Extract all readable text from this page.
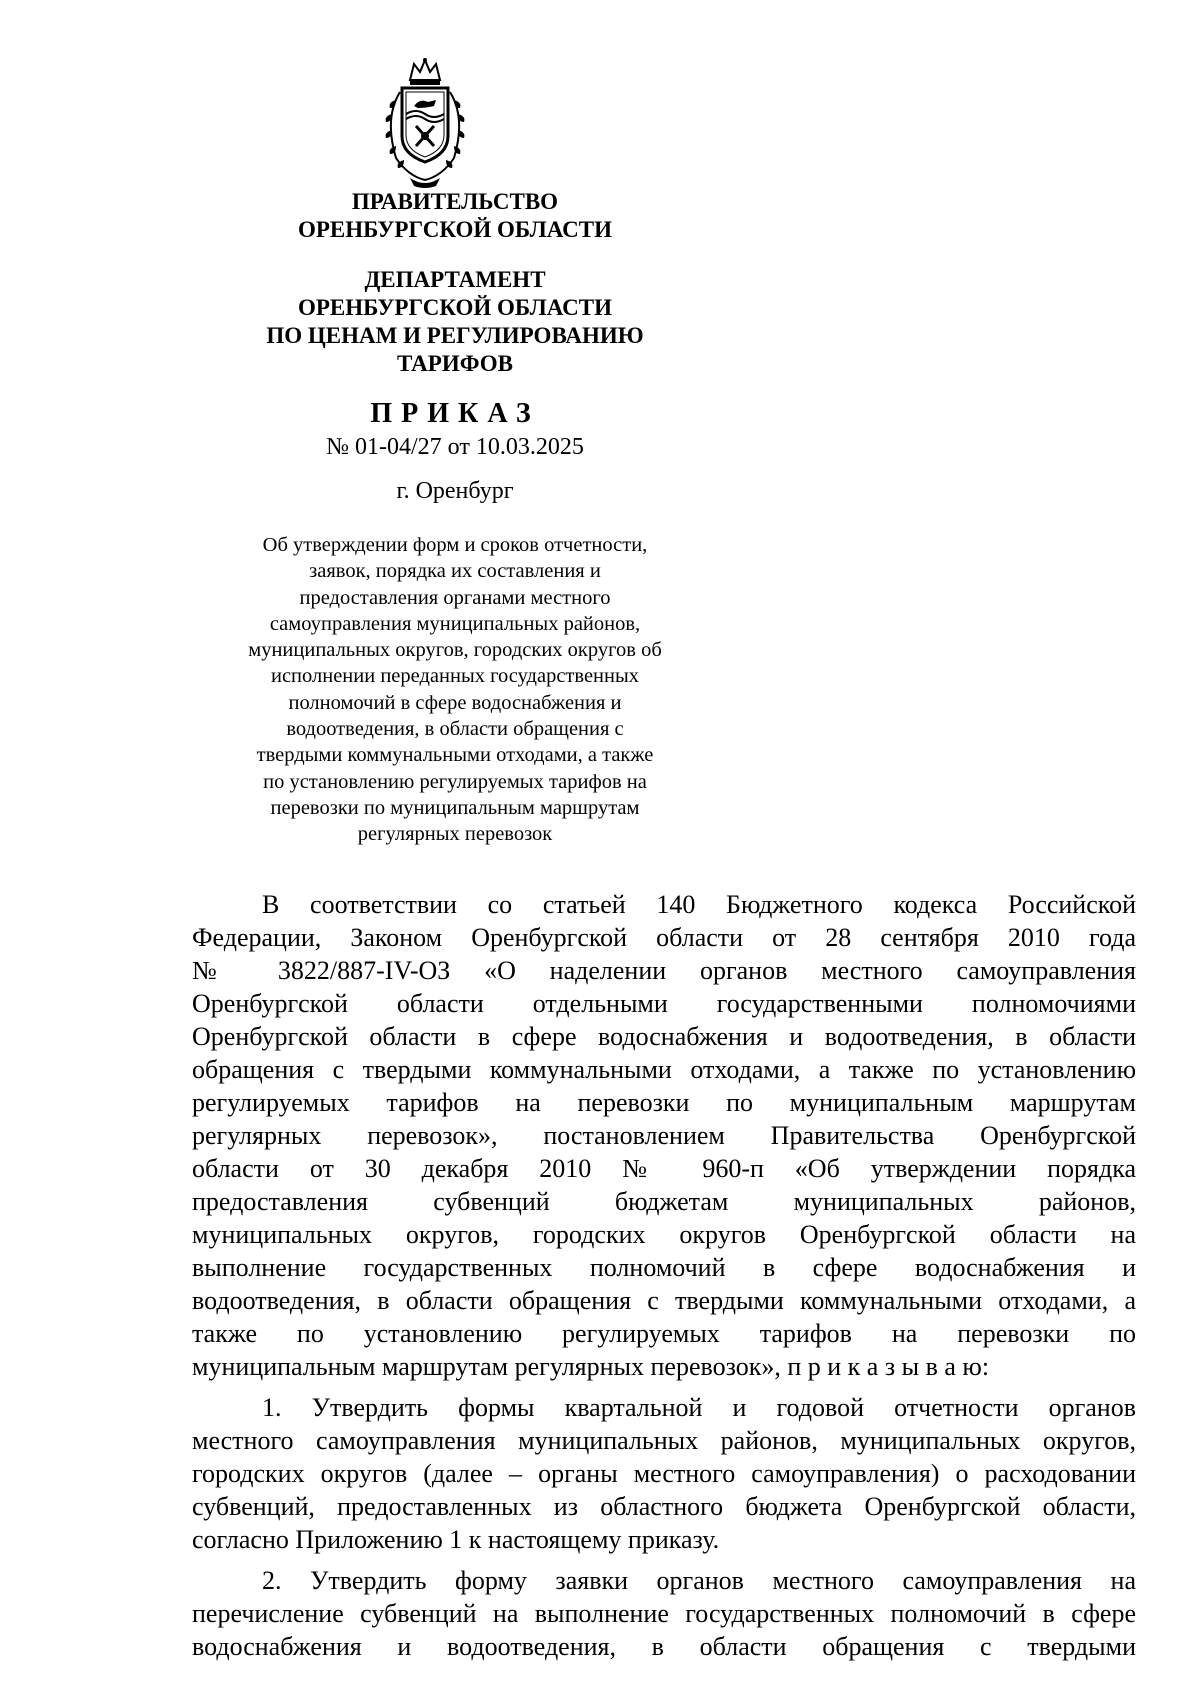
ПРАВИТЕЛЬСТВО

ОРЕНБУРГСКОЙ ОБЛАСТИ

ДЕПАРТАМЕНТ

ОРЕНБУРГСКОЙ ОБЛАСТИ

ПО ЦЕНАМ И РЕГУЛИРОВАНИЮ

ТАРИФОВ

ПРИКАЗ
№ 01-04/27 от 10.03.2025
г. Оренбург
Об утверждении форм и сроков отчетности,
заявок, порядка их составления и
предоставления органами местного
самоуправления муниципальных районов,
муниципальных округов, городских округов об
исполнении переданных государственных
полномочий в сфере водоснабжения и
водоотведения, в области обращения с
твердыми коммунальными отходами, а также
по установлению регулируемых тарифов на
перевозки по муниципальным маршрутам
регулярных перевозок
В соответствии со статьей 140 Бюджетного кодекса Российской
Федерации, Законом Оренбургской области от 28 сентября 2010 года
№ 3822/887-IV-ОЗ «О наделении органов местного самоуправления
Оренбургской области отдельными государственными полномочиями
Оренбургской области в сфере водоснабжения и водоотведения, в области
обращения с твердыми коммунальными отходами, а также по установлению
регулируемых тарифов на перевозки по муниципальным маршрутам
регулярных перевозок», постановлением Правительства Оренбургской
области от 30 декабря 2010 № 960-п «Об утверждении порядка
предоставления субвенций бюджетам муниципальных районов,
муниципальных округов, городских округов Оренбургской области на
выполнение государственных полномочий в сфере водоснабжения и
водоотведения, в области обращения с твердыми коммунальными отходами, а
также по установлению регулируемых тарифов на перевозки по
муниципальным маршрутам регулярных перевозок», п р и к а з ы в а ю:
1. Утвердить формы квартальной и годовой отчетности органов
местного самоуправления муниципальных районов, муниципальных округов,
городских округов (далее – органы местного самоуправления) о расходовании
субвенций, предоставленных из областного бюджета Оренбургской области,
согласно Приложению 1 к настоящему приказу.
2. Утвердить форму заявки органов местного самоуправления на
перечисление субвенций на выполнение государственных полномочий в сфере
водоснабжения и водоотведения, в области обращения с твердыми
